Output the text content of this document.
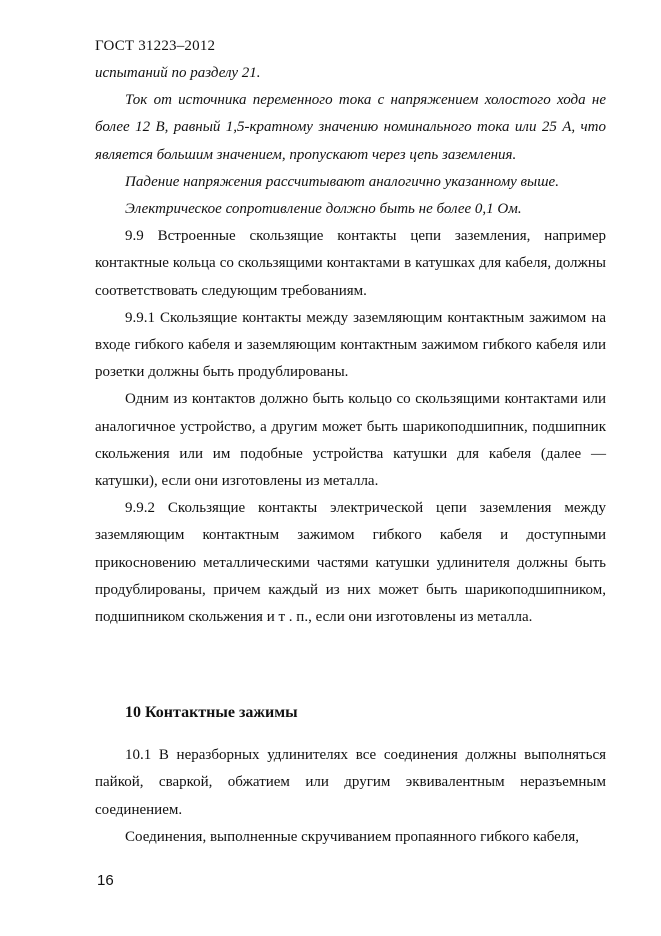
ГОСТ 31223–2012

испытаний по разделу 21.

Ток от источника переменного тока с напряжением холостого хода не более 12 В, равный 1,5-кратному значению номинального тока или 25 А, что является большим значением, пропускают через цепь заземления.

Падение напряжения рассчитывают аналогично указанному выше.

Электрическое сопротивление должно быть не более 0,1 Ом.

9.9 Встроенные скользящие контакты цепи заземления, например контактные кольца со скользящими контактами в катушках для кабеля, должны соответствовать следующим требованиям.

9.9.1 Скользящие контакты между заземляющим контактным зажимом на входе гибкого кабеля и заземляющим контактным зажимом гибкого кабеля или розетки должны быть продублированы.

Одним из контактов должно быть кольцо со скользящими контактами или аналогичное устройство, а другим может быть шарикоподшипник, подшипник скольжения или им подобные устройства катушки для кабеля (далее — катушки), если они изготовлены из металла.

9.9.2 Скользящие контакты электрической цепи заземления между заземляющим контактным зажимом гибкого кабеля и доступными прикосновению металлическими частями катушки удлинителя должны быть продублированы, причем каждый из них может быть шарикоподшипником, подшипником скольжения и т . п., если они изготовлены из металла.

10 Контактные зажимы

10.1 В неразборных удлинителях все соединения должны выполняться пайкой, сваркой, обжатием или другим эквивалентным неразъемным соединением.

Соединения, выполненные скручиванием пропаянного гибкого кабеля,

16
